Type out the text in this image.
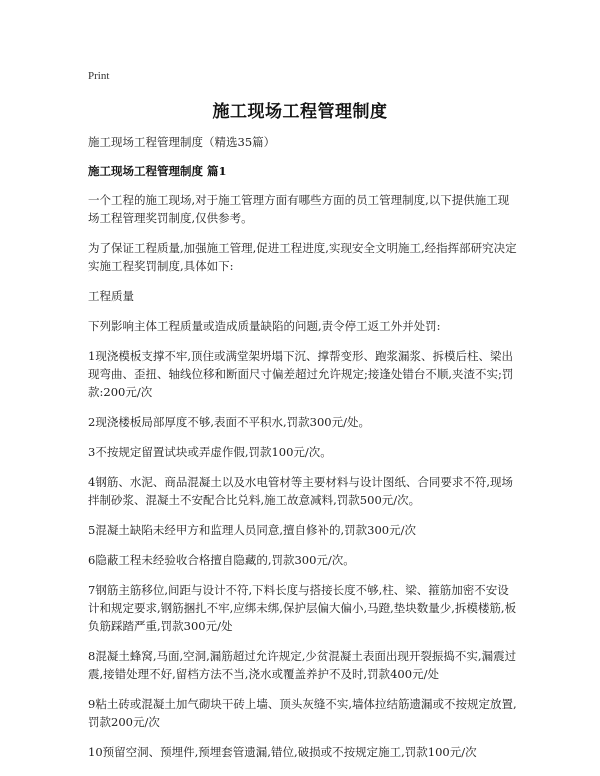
Print
施工现场工程管理制度

施工现场工程管理制度（精选35篇）

施工现场工程管理制度 篇1

一个工程的施工现场,对于施工管理方面有哪些方面的员工管理制度,以下提供施工现场工程管理奖罚制度,仅供参考。

为了保证工程质量,加强施工管理,促进工程进度,实现安全文明施工,经指挥部研究决定实施工程奖罚制度,具体如下:

工程质量

下列影响主体工程质量或造成质量缺陷的问题,责令停工返工外并处罚:

1现浇模板支撑不牢,顶住或满堂架坍塌下沉、撑帮变形、跑浆漏浆、拆模后柱、梁出现弯曲、歪扭、轴线位移和断面尺寸偏差超过允许规定;接逢处错台不顺,夹渣不实;罚款:200元/次

2现浇楼板局部厚度不够,表面不平积水,罚款300元/处。

3不按规定留置试块或弄虚作假,罚款100元/次。

4钢筋、水泥、商品混凝土以及水电管材等主要材料与设计图纸、合同要求不符,现场拌制砂浆、混凝土不安配合比兑料,施工故意减料,罚款500元/次。

5混凝土缺陷未经甲方和监理人员同意,擅自修补的,罚款300元/次

6隐蔽工程未经验收合格擅自隐藏的,罚款300元/次。

7钢筋主筋移位,间距与设计不符,下料长度与搭接长度不够,柱、梁、箍筋加密不安设计和规定要求,钢筋捆扎不牢,应绑未绑,保护层偏大偏小,马蹬,垫块数量少,拆模楼筋,板负筋踩踏严重,罚款300元/处

8混凝土蜂窝,马面,空洞,漏筋超过允许规定,少贫混凝土表面出现开裂振捣不实,漏震过震,接错处理不好,留档方法不当,浇水或覆盖养护不及时,罚款400元/处

9粘土砖或混凝土加气砌块干砖上墙、顶头灰缝不实,墙体拉结筋遗漏或不按规定放置,罚款200元/次

10预留空洞、预埋件,预埋套管遗漏,错位,破损或不按规定施工,罚款100元/次
